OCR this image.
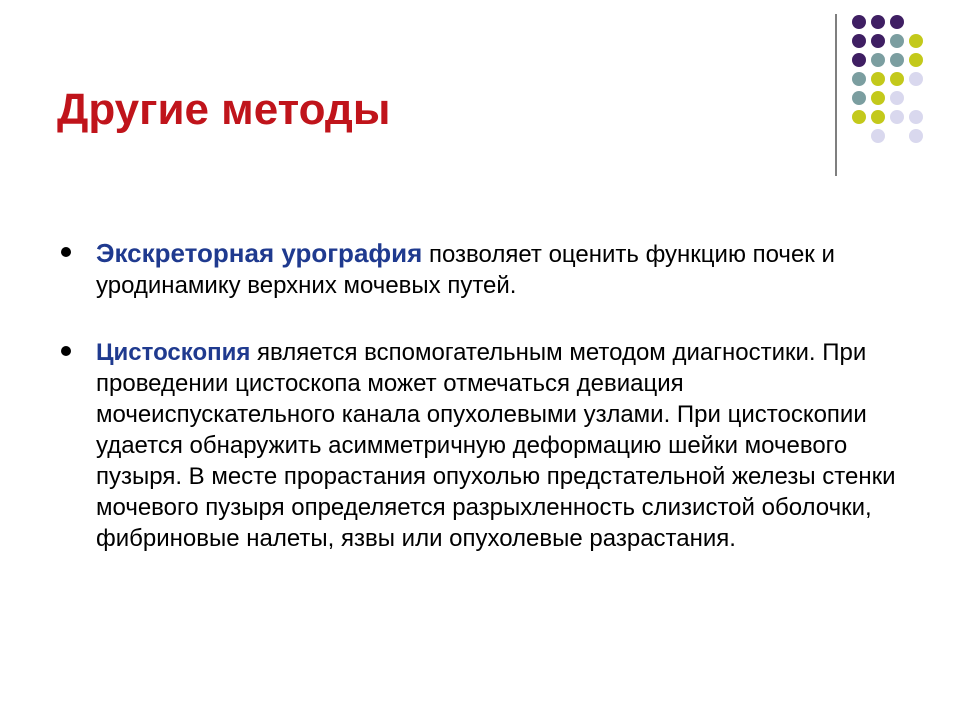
Другие методы
Экскреторная урография позволяет оценить функцию почек и уродинамику верхних мочевых путей.
Цистоскопия является вспомогательным методом диагностики. При проведении цистоскопа может отмечаться девиация мочеиспускательного канала опухолевыми узлами. При цистоскопии удается обнаружить асимметричную деформацию шейки мочевого пузыря. В месте прорастания опухолью предстательной железы стенки мочевого пузыря определяется разрыхленность слизистой оболочки, фибриновые налеты, язвы или опухолевые разрастания.
